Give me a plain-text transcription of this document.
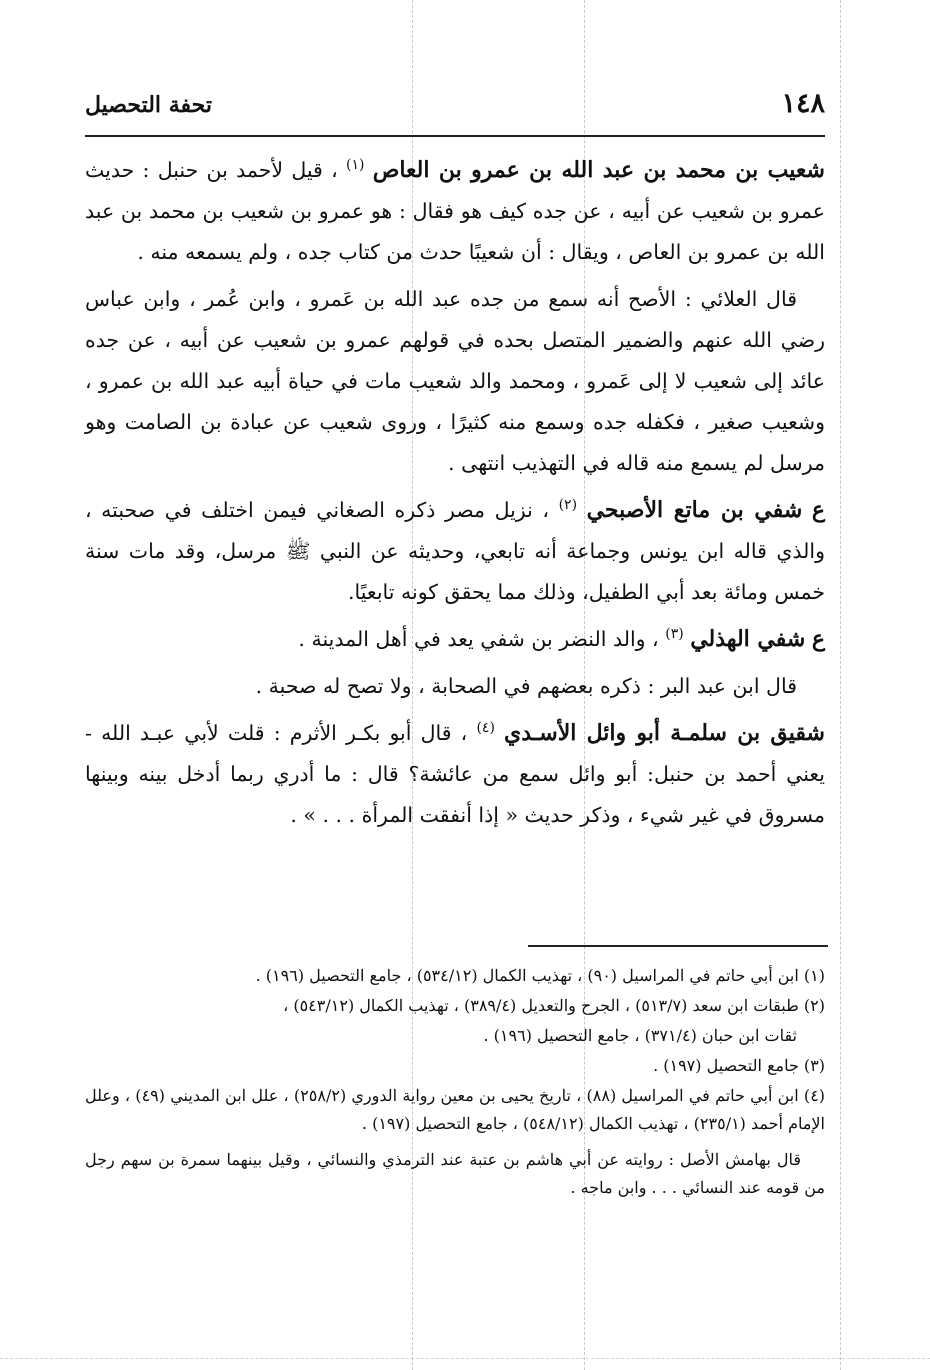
١٤٨
تحفة التحصيل

شعيب بن محمد بن عبد الله بن عمرو بن العاص $^{(١)}$ ، قيل لأحمد بن حنبل : حديث عمرو بن شعيب عن أبيه ، عن جده كيف هو فقال : هو عمرو بن شعيب بن محمد بن عبد الله بن عمرو بن العاص ، ويقال : أن شعيبًا حدث من كتاب جده ، ولم يسمعه منه .

قال العلائي : الأصح أنه سمع من جده عبد الله بن عَمرو ، وابن عُمر ، وابن عباس رضي الله عنهم والضمير المتصل بحده في قولهم عمرو بن شعيب عن أبيه ، عن جده عائد إلى شعيب لا إلى عَمرو ، ومحمد والد شعيب مات في حياة أبيه عبد الله بن عمرو ، وشعيب صغير ، فكفله جده وسمع منه كثيرًا ، وروى شعيب عن عبادة بن الصامت وهو مرسل لم يسمع منه قاله في التهذيب انتهى .

ع شفي بن ماتع الأصبحي $^{(٢)}$ ، نزيل مصر ذكره الصغاني فيمن اختلف في صحبته ، والذي قاله ابن يونس وجماعة أنه تابعي، وحديثه عن النبي ﷺ مرسل، وقد مات سنة خمس ومائة بعد أبي الطفيل، وذلك مما يحقق كونه تابعيًا.

ع شفي الهذلي $^{(٣)}$ ، والد النضر بن شفي يعد في أهل المدينة .

قال ابن عبد البر : ذكره بعضهم في الصحابة ، ولا تصح له صحبة .

شقيق بن سلمـة أبو وائل الأسـدي $^{(٤)}$ ، قال أبو بكـر الأثرم : قلت لأبي عبـد الله - يعني أحمد بن حنبل: أبو وائل سمع من عائشة؟ قال : ما أدري ربما أدخل بينه وبينها مسروق في غير شيء ، وذكر حديث « إذا أنفقت المرأة . . . » .

(١) ابن أبي حاتم في المراسيل (٩٠) ، تهذيب الكمال (٥٣٤/١٢) ، جامع التحصيل (١٩٦) .

(٢) طبقات ابن سعد (٥١٣/٧) ، الجرح والتعديل (٣٨٩/٤) ، تهذيب الكمال (٥٤٣/١٢) ،

ثقات ابن حبان (٣٧١/٤) ، جامع التحصيل (١٩٦) .

(٣) جامع التحصيل (١٩٧) .

(٤) ابن أبي حاتم في المراسيل (٨٨) ، تاريخ يحيى بن معين رواية الدوري (٢٥٨/٢) ، علل ابن المديني (٤٩) ، وعلل الإمام أحمد (٢٣٥/١) ، تهذيب الكمال (٥٤٨/١٢) ، جامع التحصيل (١٩٧) .

قال بهامش الأصل : روايته عن أبي هاشم بن عتبة عند الترمذي والنسائي ، وقيل بينهما سمرة بن سهم رجل من قومه عند النسائي . . . وابن ماجه .
